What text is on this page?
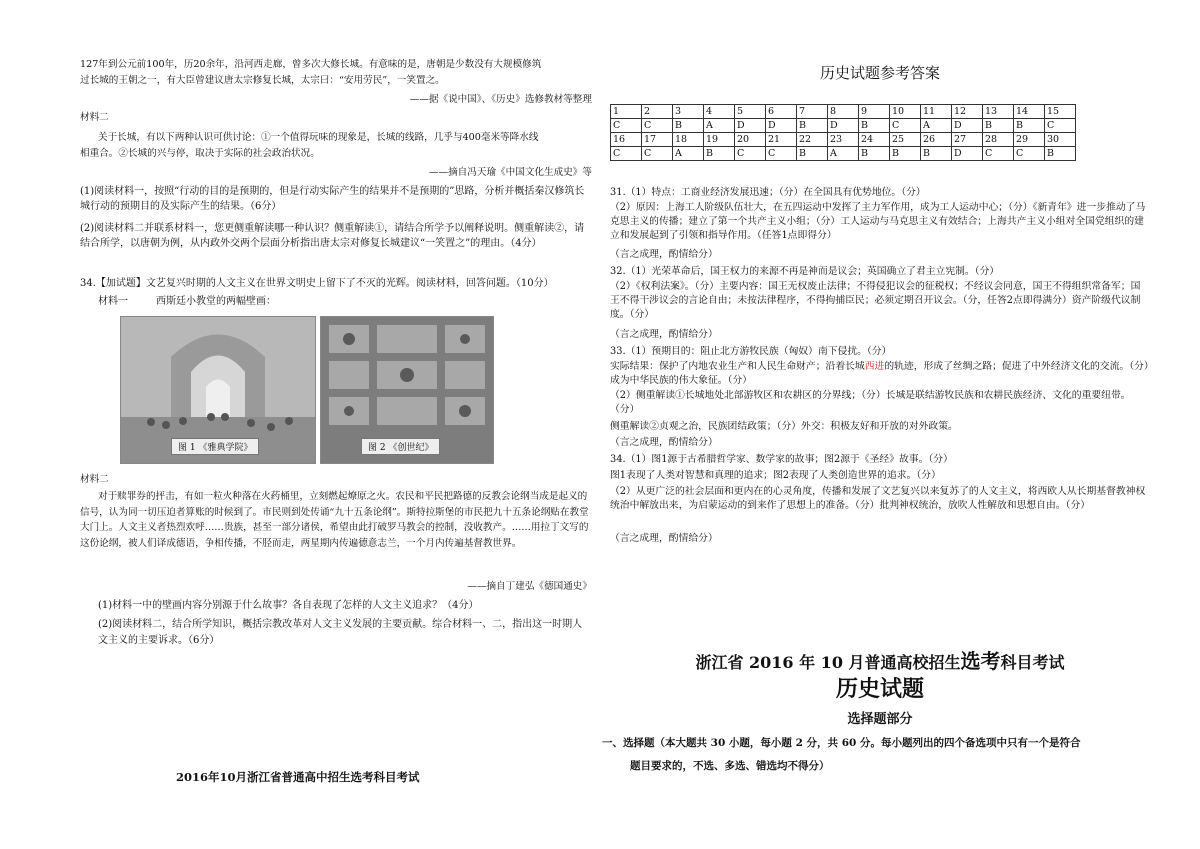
127年到公元前100年，历20余年，沿河西走廊，曾多次大修长城。有意味的是，唐朝是少数没有大规模修筑
过长城的王朝之一，有大臣曾建议唐太宗修复长城，太宗曰：“安用劳民”，一笑置之。
——据《说中国》、《历史》选修教材等整理
材料二
关于长城，有以下两种认识可供讨论：①一个值得玩味的现象是，长城的线路，几乎与400毫米等降水线
相重合。②长城的兴与停，取决于实际的社会政治状况。
——摘自冯天瑜《中国文化生成史》等
(1)阅读材料一，按照“行动的目的是预期的，但是行动实际产生的结果并不是预期的”思路，分析并概括秦汉修筑长城行动的预期目的及实际产生的结果。（6分）
(2)阅读材料二并联系材料一，您更侧重解读哪一种认识？侧重解读①，请结合所学予以阐释说明。侧重解读②，请结合所学，以唐朝为例，从内政外交两个层面分析指出唐太宗对修复长城建议“一笑置之”的理由。（4分）
34.【加试题】文艺复兴时期的人文主义在世界文明史上留下了不灭的光辉。阅读材料，回答问题。（10分）
材料一	西斯廷小教堂的两幅壁画：
图 1 《雅典学院》	图 2 《创世纪》
材料二
对于赎罪券的抨击，有如一粒火种落在火药桶里，立刻燃起燎原之火。农民和平民把路德的反教会论纲当成是起义的信号，认为同一切压迫者算账的时候到了。市民则到处传诵“九十五条论纲”。斯特拉斯堡的市民把九十五条论纲贴在教堂大门上。人文主义者热烈欢呼……贵族，甚至一部分诸侯，希望由此打破罗马教会的控制，没收教产。……用拉丁文写的这份论纲，被人们译成德语，争相传播，不胫而走，两星期内传遍德意志兰，一个月内传遍基督教世界。
——摘自丁建弘《德国通史》
(1)材料一中的壁画内容分别源于什么故事？各自表现了怎样的人文主义追求？（4分）
(2)阅读材料二，结合所学知识，概括宗教改革对人文主义发展的主要贡献。综合材料一、二，指出这一时期人文主义的主要诉求。（6分）
2016年10月浙江省普通高中招生选考科目考试
历史试题参考答案
1	2	3	4	5	6	7	8	9	10	11	12	13	14	15
C	C	B	A	D	D	B	D	B	C	A	D	B	B	C
16	17	18	19	20	21	22	23	24	25	26	27	28	29	30
C	C	A	B	C	C	B	A	B	B	B	D	C	C	B
31.（1）特点：工商业经济发展迅速；（分）在全国具有优势地位。（分）
（2）原因：上海工人阶级队伍壮大，在五四运动中发挥了主力军作用，成为工人运动中心；（分）《新青年》进一步推动了马克思主义的传播；建立了第一个共产主义小组；（分）工人运动与马克思主义有效结合；上海共产主义小组对全国党组织的建立和发展起到了引领和指导作用。（任答1点即得分）
（言之成理，酌情给分）
32.（1）光荣革命后，国王权力的来源不再是神而是议会；英国确立了君主立宪制。（分）
（2）《权利法案》。（分）主要内容：国王无权废止法律；不得侵犯议会的征税权；不经议会同意，国王不得组织常备军；国王不得干涉议会的言论自由；未按法律程序，不得拘捕臣民；必须定期召开议会。（分，任答2点即得满分）资产阶级代议制度。（分）
（言之成理，酌情给分）
33.（1）预期目的：阻止北方游牧民族（匈奴）南下侵扰。（分）
实际结果：保护了内地农业生产和人民生命财产；沿着长城西进的轨迹，形成了丝绸之路；促进了中外经济文化的交流。（分）成为中华民族的伟大象征。（分）
（2）侧重解读①长城地处北部游牧区和农耕区的分界线；（分）长城是联结游牧民族和农耕民族经济、文化的重要纽带。（分）
侧重解读②贞观之治，民族团结政策；（分）外交：积极友好和开放的对外政策。
（言之成理，酌情给分）
34.（1）图1源于古希腊哲学家、数学家的故事；图2源于《圣经》故事。（分）
图1表现了人类对智慧和真理的追求；图2表现了人类创造世界的追求。（分）
（2）从更广泛的社会层面和更内在的心灵角度，传播和发展了文艺复兴以来复苏了的人文主义，将西欧人从长期基督教神权统治中解放出来，为启蒙运动的到来作了思想上的准备。（分）批判神权统治，放吹人性解放和思想自由。（分）
（言之成理，酌情给分）
浙江省 2016 年 10 月普通高校招生选考科目考试
历史试题
选择题部分
一、选择题（本大题共 30 小题，每小题 2 分，共 60 分。每小题列出的四个备选项中只有一个是符合
题目要求的，不选、多选、错选均不得分）
